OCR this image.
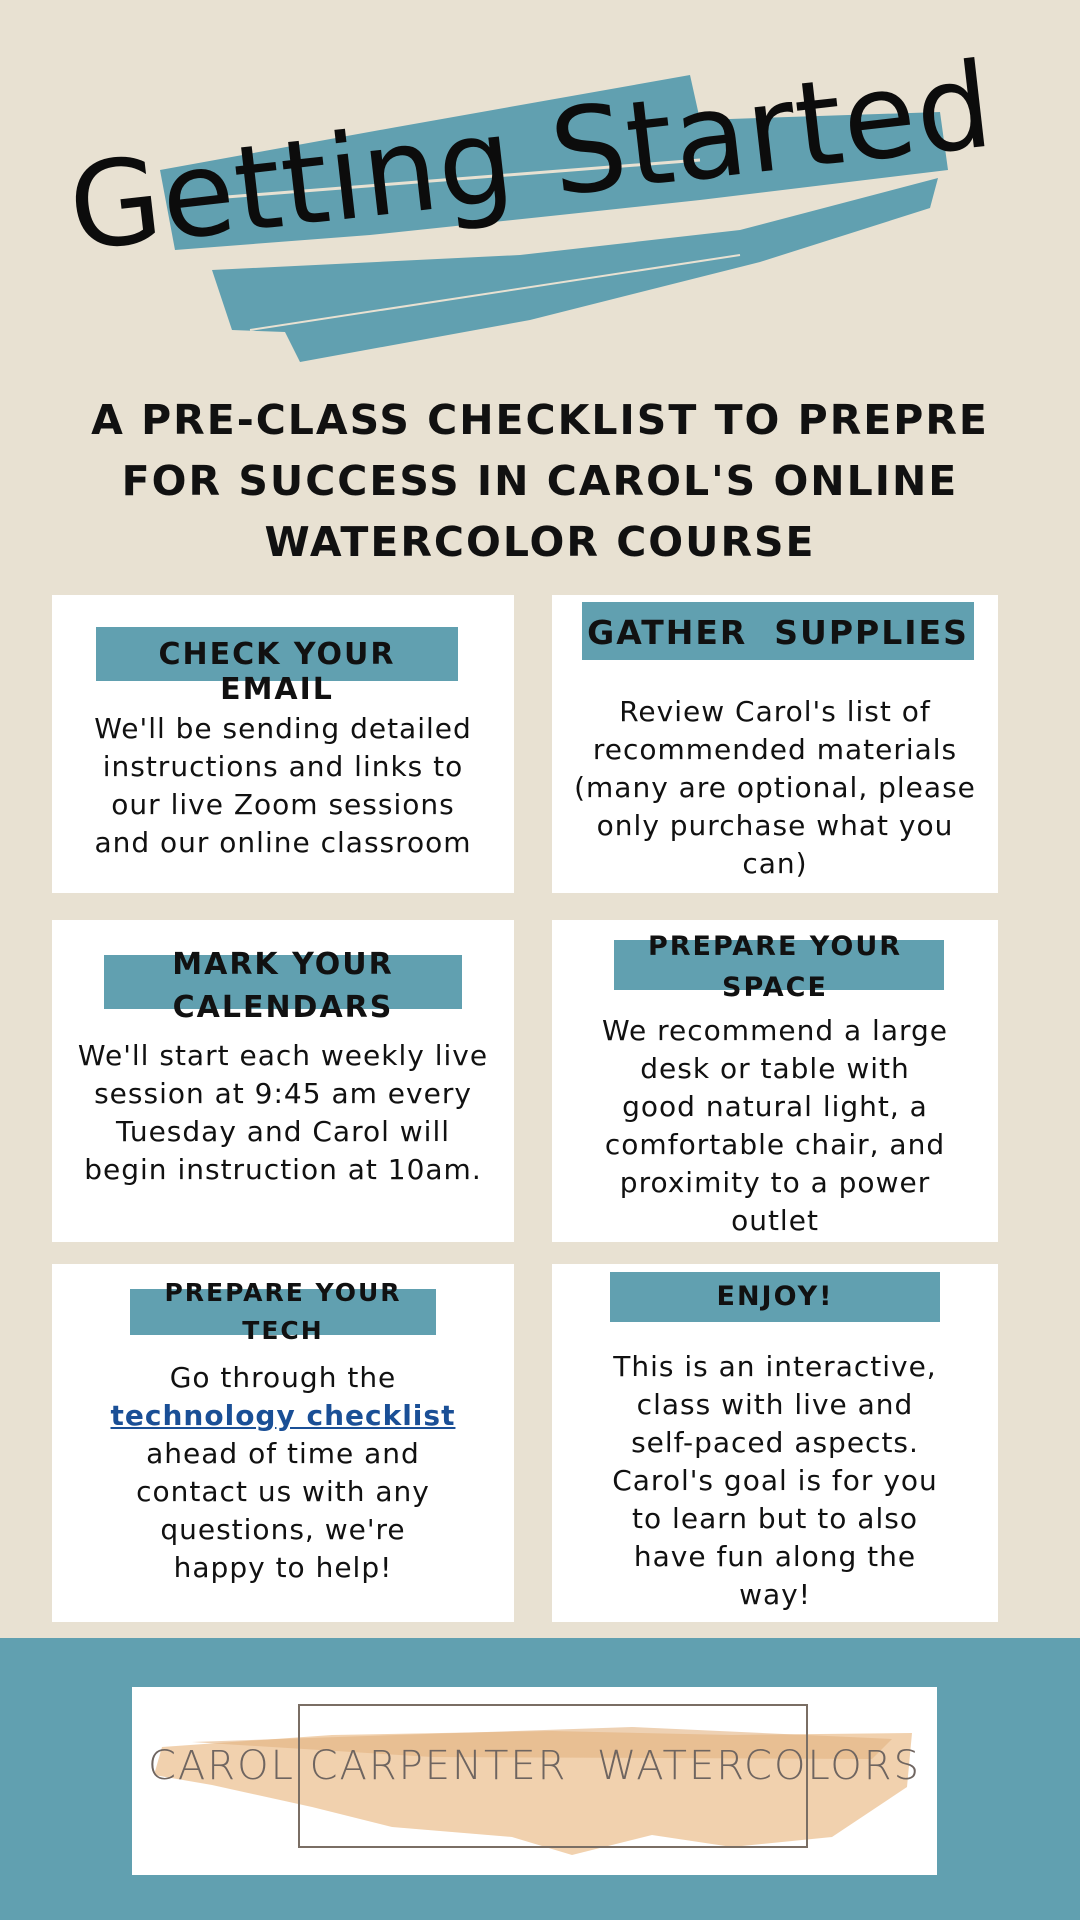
Getting Started
A PRE-CLASS CHECKLIST TO PREPRE FOR SUCCESS IN CAROL'S ONLINE WATERCOLOR COURSE
CHECK YOUR EMAIL
We'll be sending detailed instructions and links to our live Zoom sessions and our online classroom
GATHER  SUPPLIES
Review Carol's list of recommended materials (many are optional, please only purchase what you can)
MARK YOUR
CALENDARS
We'll start each weekly live session at 9:45 am every Tuesday and Carol will begin instruction at 10am.
PREPARE YOUR
SPACE
We recommend a large desk or table with good natural light, a comfortable chair, and proximity to a power outlet
PREPARE YOUR
TECH
Go through the
technology checklist
ahead of time and contact us with any questions, we're happy to help!
ENJOY!
This is an interactive, class with live and self-paced aspects. Carol's goal is for you to learn but to also have fun along the way!
CAROL CARPENTER  WATERCOLORS
